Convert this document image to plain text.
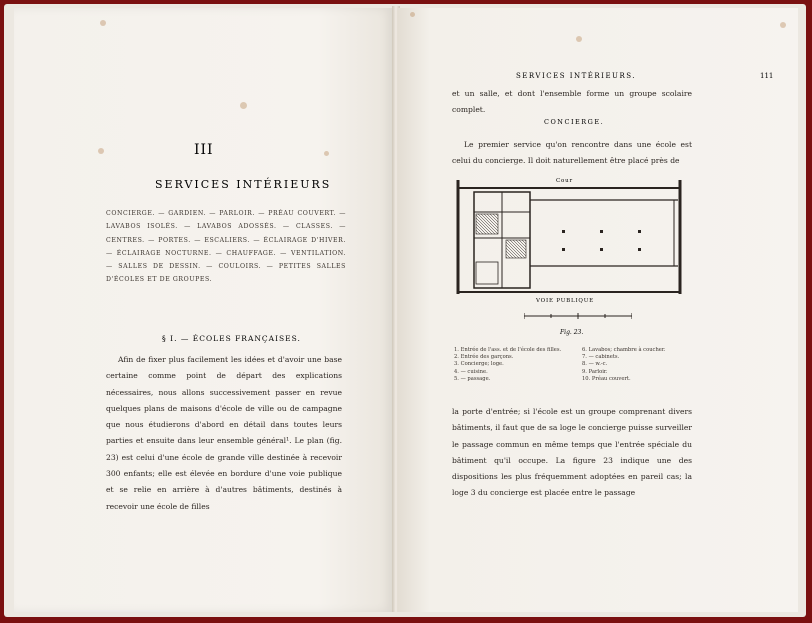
III
SERVICES INTÉRIEURS
CONCIERGE. — GARDIEN. — PARLOIR. — PRÉAU COUVERT. — LAVABOS ISOLÉS. — LAVABOS ADOSSÉS. — CLASSES. — CENTRES. — PORTES. — ESCALIERS. — ÉCLAIRAGE D'HIVER. — ÉCLAIRAGE NOCTURNE. — CHAUFFAGE. — VENTILATION. — SALLES DE DESSIN. — COULOIRS. — PETITES SALLES D'ÉCOLES ET DE GROUPES.
§ I. — ÉCOLES FRANÇAISES.
Afin de fixer plus facilement les idées et d'avoir une base certaine comme point de départ des explications nécessaires, nous allons successivement passer en revue quelques plans de maisons d'école de ville ou de campagne que nous étudierons d'abord en détail dans toutes leurs parties et ensuite dans leur ensemble général¹. Le plan (fig. 23) est celui d'une école de grande ville destinée à recevoir 300 enfants; elle est élevée en bordure d'une voie publique et se relie en arrière à d'autres bâtiments, destinés à recevoir une école de filles
SERVICES INTÉRIEURS.	111
et un salle, et dont l'ensemble forme un groupe scolaire complet.
CONCIERGE.
Le premier service qu'on rencontre dans une école est celui du concierge. Il doit naturellement être placé près de
Cour
VOIE PUBLIQUE
Fig. 23.
1. Entrée de l'ass. et de l'école des filles.	6. Lavabos; chambre à coucher.
2. Entrée des garçons.	7. — cabinets.
3. Concierge; loge.	8. — w.-c.
4. — cuisine.	9. Parloir.
5. — passage.	10. Préau couvert.
la porte d'entrée; si l'école est un groupe comprenant divers bâtiments, il faut que de sa loge le concierge puisse surveiller le passage commun en même temps que l'entrée spéciale du bâtiment qu'il occupe. La figure 23 indique une des dispositions les plus fréquemment adoptées en pareil cas; la loge 3 du concierge est placée entre le passage
